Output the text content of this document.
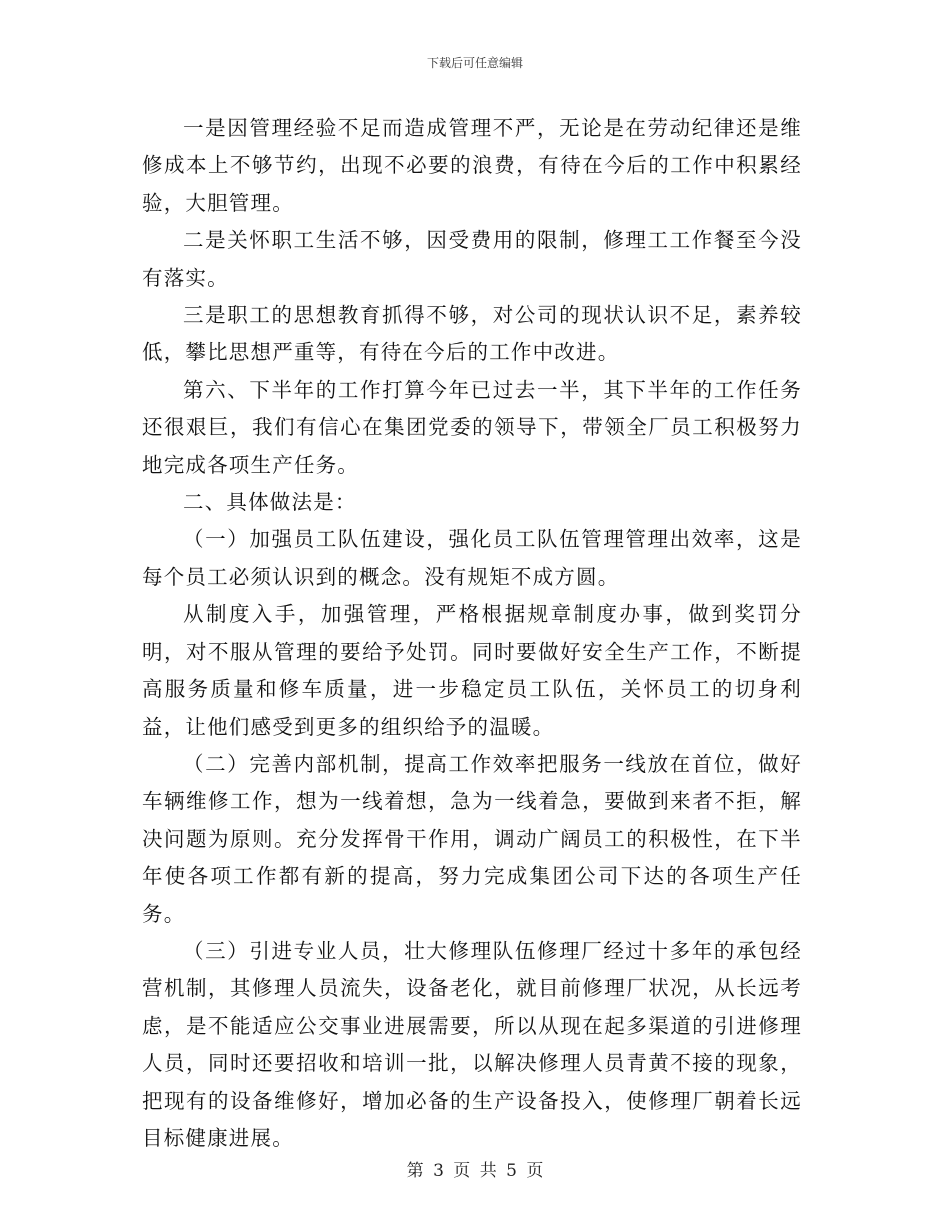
下载后可任意编辑

一是因管理经验不足而造成管理不严，无论是在劳动纪律还是维修成本上不够节约，出现不必要的浪费，有待在今后的工作中积累经验，大胆管理。

二是关怀职工生活不够，因受费用的限制，修理工工作餐至今没有落实。

三是职工的思想教育抓得不够，对公司的现状认识不足，素养较低，攀比思想严重等，有待在今后的工作中改进。

第六、下半年的工作打算今年已过去一半，其下半年的工作任务还很艰巨，我们有信心在集团党委的领导下，带领全厂员工积极努力地完成各项生产任务。

二、具体做法是：

（一）加强员工队伍建设，强化员工队伍管理管理出效率，这是每个员工必须认识到的概念。没有规矩不成方圆。

从制度入手，加强管理，严格根据规章制度办事，做到奖罚分明，对不服从管理的要给予处罚。同时要做好安全生产工作，不断提高服务质量和修车质量，进一步稳定员工队伍，关怀员工的切身利益，让他们感受到更多的组织给予的温暖。

（二）完善内部机制，提高工作效率把服务一线放在首位，做好车辆维修工作，想为一线着想，急为一线着急，要做到来者不拒，解决问题为原则。充分发挥骨干作用，调动广阔员工的积极性，在下半年使各项工作都有新的提高，努力完成集团公司下达的各项生产任务。

（三）引进专业人员，壮大修理队伍修理厂经过十多年的承包经营机制，其修理人员流失，设备老化，就目前修理厂状况，从长远考虑，是不能适应公交事业进展需要，所以从现在起多渠道的引进修理人员，同时还要招收和培训一批，以解决修理人员青黄不接的现象，把现有的设备维修好，增加必备的生产设备投入，使修理厂朝着长远目标健康进展。

第 3 页 共 5 页
